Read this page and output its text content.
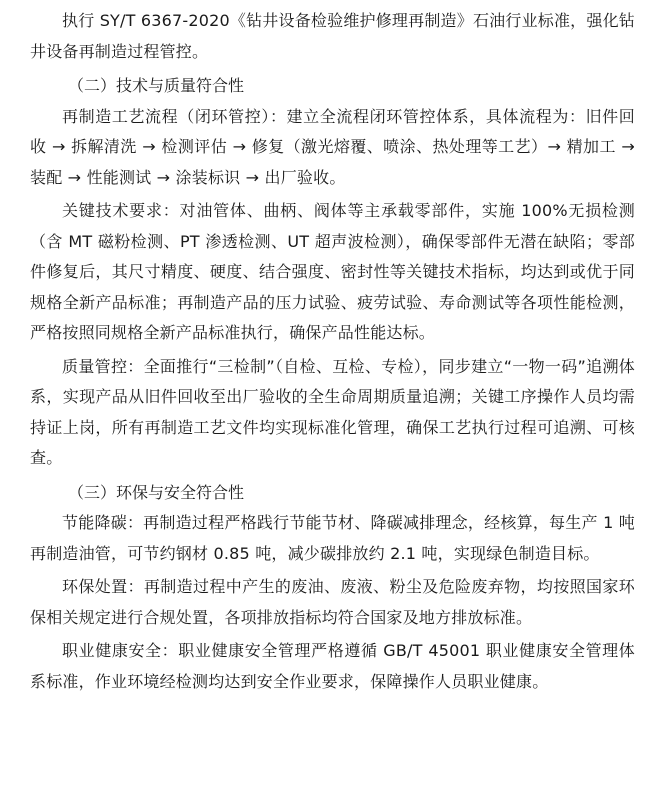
执行 SY/T 6367-2020《钻井设备检验维护修理再制造》石油行业标准，强化钻井设备再制造过程管控。

（二）技术与质量符合性

再制造工艺流程（闭环管控）：建立全流程闭环管控体系，具体流程为：旧件回收 → 拆解清洗 → 检测评估 → 修复（激光熔覆、喷涂、热处理等工艺）→ 精加工 → 装配 → 性能测试 → 涂装标识 → 出厂验收。

关键技术要求：对油管体、曲柄、阀体等主承载零部件，实施 100%无损检测（含 MT 磁粉检测、PT 渗透检测、UT 超声波检测），确保零部件无潜在缺陷；零部件修复后，其尺寸精度、硬度、结合强度、密封性等关键技术指标，均达到或优于同规格全新产品标准；再制造产品的压力试验、疲劳试验、寿命测试等各项性能检测，严格按照同规格全新产品标准执行，确保产品性能达标。

质量管控：全面推行“三检制”（自检、互检、专检），同步建立“一物一码”追溯体系，实现产品从旧件回收至出厂验收的全生命周期质量追溯；关键工序操作人员均需持证上岗，所有再制造工艺文件均实现标准化管理，确保工艺执行过程可追溯、可核查。

（三）环保与安全符合性

节能降碳：再制造过程严格践行节能节材、降碳减排理念，经核算，每生产 1 吨再制造油管，可节约钢材 0.85 吨，减少碳排放约 2.1 吨，实现绿色制造目标。

环保处置：再制造过程中产生的废油、废液、粉尘及危险废弃物，均按照国家环保相关规定进行合规处置，各项排放指标均符合国家及地方排放标准。

职业健康安全：职业健康安全管理严格遵循 GB/T 45001 职业健康安全管理体系标准，作业环境经检测均达到安全作业要求，保障操作人员职业健康。
